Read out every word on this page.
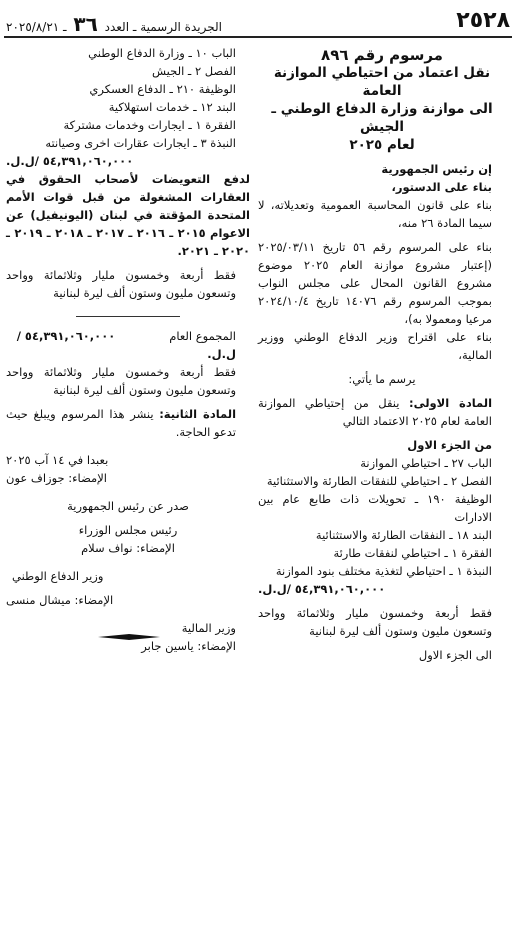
٢٥٢٨
الجريدة الرسمية ـ العدد ٣٦ ـ ٢٠٢٥/٨/٢١

مرسوم رقم ٨٩٦

نقل اعتماد من احتياطي الموازنة العامة

الى موازنة وزارة الدفاع الوطني ـ الجيش

لعام ٢٠٢٥

إن رئيس الجمهورية

بناء على الدستور،

بناء على قانون المحاسبة العمومية وتعديلاته، لا سيما المادة ٢٦ منه،

بناء على المرسوم رقم ٥٦ تاريخ ٢٠٢٥/٠٣/١١ (إعتبار مشروع موازنة العام ٢٠٢٥ موضوع مشروع القانون المحال على مجلس النواب بموجب المرسوم رقم ١٤٠٧٦ تاريخ ٢٠٢٤/١٠/٤ مرعيا ومعمولا به)،

بناء على اقتراح وزير الدفاع الوطني ووزير المالية،

يرسم ما يأتي:

المادة الاولى: ينقل من إحتياطي الموازنة العامة لعام ٢٠٢٥ الاعتماد التالي

من الجزء الاول

الباب ٢٧ ـ احتياطي الموازنة

الفصل ٢ ـ احتياطي للنفقات الطارئة والاستثنائية

الوظيفة ١٩٠ ـ تحويلات ذات طابع عام بين الادارات

البند ١٨ ـ النفقات الطارئة والاستثنائية

الفقرة ١ ـ احتياطي لنفقات طارئة

النبذة ١ ـ احتياطي لتغذية مختلف بنود الموازنة

٥٤,٣٩١,٠٦٠,٠٠٠ /ل.ل.

فقط أربعة وخمسون مليار وثلاثمائة وواحد وتسعون مليون وستون ألف ليرة لبنانية

الى الجزء الاول

الباب ١٠ ـ وزارة الدفاع الوطني

الفصل ٢ ـ الجيش

الوظيفة ٢١٠ ـ الدفاع العسكري

البند ١٢ ـ خدمات استهلاكية

الفقرة ١ ـ ايجارات وخدمات مشتركة

النبذة ٣ ـ ايجارات عقارات اخرى وصيانته

٥٤,٣٩١,٠٦٠,٠٠٠ /ل.ل.

لدفع التعويضات لأصحاب الحقوق في العقارات المشغولة من قبل قوات الأمم المتحدة المؤقتة في لبنان (اليونيفيل) عن الاعوام ٢٠١٥ ـ ٢٠١٦ ـ ٢٠١٧ ـ ٢٠١٨ ـ ٢٠١٩ ـ ٢٠٢٠ ـ ٢٠٢١.

فقط أربعة وخمسون مليار وثلاثمائة وواحد وتسعون مليون وستون ألف ليرة لبنانية

المجموع العام٥٤,٣٩١,٠٦٠,٠٠٠ /ل.ل.

فقط أربعة وخمسون مليار وثلاثمائة وواحد وتسعون مليون وستون ألف ليرة لبنانية

المادة الثانية: ينشر هذا المرسوم ويبلغ حيث تدعو الحاجة.

بعبدا في ١٤ آب ٢٠٢٥

الإمضاء: جوزاف عون

صدر عن رئيس الجمهورية

رئيس مجلس الوزراء

الإمضاء: نواف سلام

وزير الدفاع الوطني

الإمضاء: ميشال منسى

وزير المالية

الإمضاء: ياسين جابر
